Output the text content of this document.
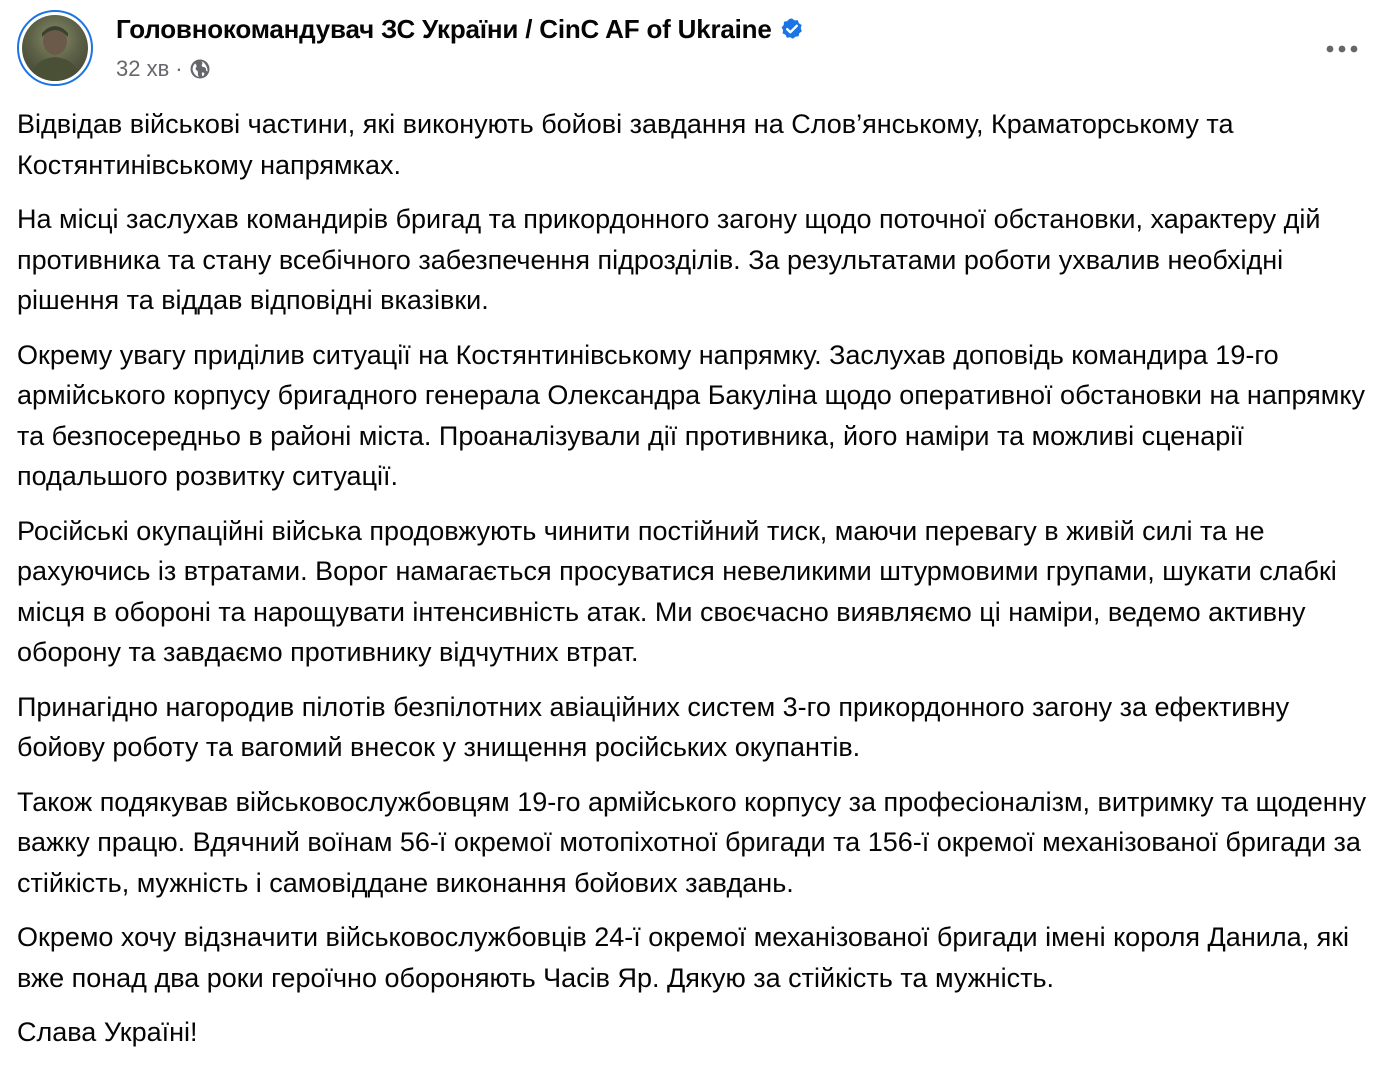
Головнокомандувач ЗС України / CinC AF of Ukraine
32 хв ·

Відвідав військові частини, які виконують бойові завдання на Слов’янському, Краматорському та Костянтинівському напрямках.

На місці заслухав командирів бригад та прикордонного загону щодо поточної обстановки, характеру дій противника та стану всебічного забезпечення підрозділів. За результатами роботи ухвалив необхідні рішення та віддав відповідні вказівки.

Окрему увагу приділив ситуації на Костянтинівському напрямку. Заслухав доповідь командира 19-го армійського корпусу бригадного генерала Олександра Бакуліна щодо оперативної обстановки на напрямку та безпосередньо в районі міста. Проаналізували дії противника, його наміри та можливі сценарії подальшого розвитку ситуації.

Російські окупаційні війська продовжують чинити постійний тиск, маючи перевагу в живій силі та не рахуючись із втратами. Ворог намагається просуватися невеликими штурмовими групами, шукати слабкі місця в обороні та нарощувати інтенсивність атак. Ми своєчасно виявляємо ці наміри, ведемо активну оборону та завдаємо противнику відчутних втрат.

Принагідно нагородив пілотів безпілотних авіаційних систем 3-го прикордонного загону за ефективну бойову роботу та вагомий внесок у знищення російських окупантів.

Також подякував військовослужбовцям 19-го армійського корпусу за професіоналізм, витримку та щоденну важку працю. Вдячний воїнам 56-ї окремої мотопіхотної бригади та 156-ї окремої механізованої бригади за стійкість, мужність і самовіддане виконання бойових завдань.

Окремо хочу відзначити військовослужбовців 24-ї окремої механізованої бригади імені короля Данила, які вже понад два роки героїчно обороняють Часів Яр. Дякую за стійкість та мужність.

Слава Україні!
